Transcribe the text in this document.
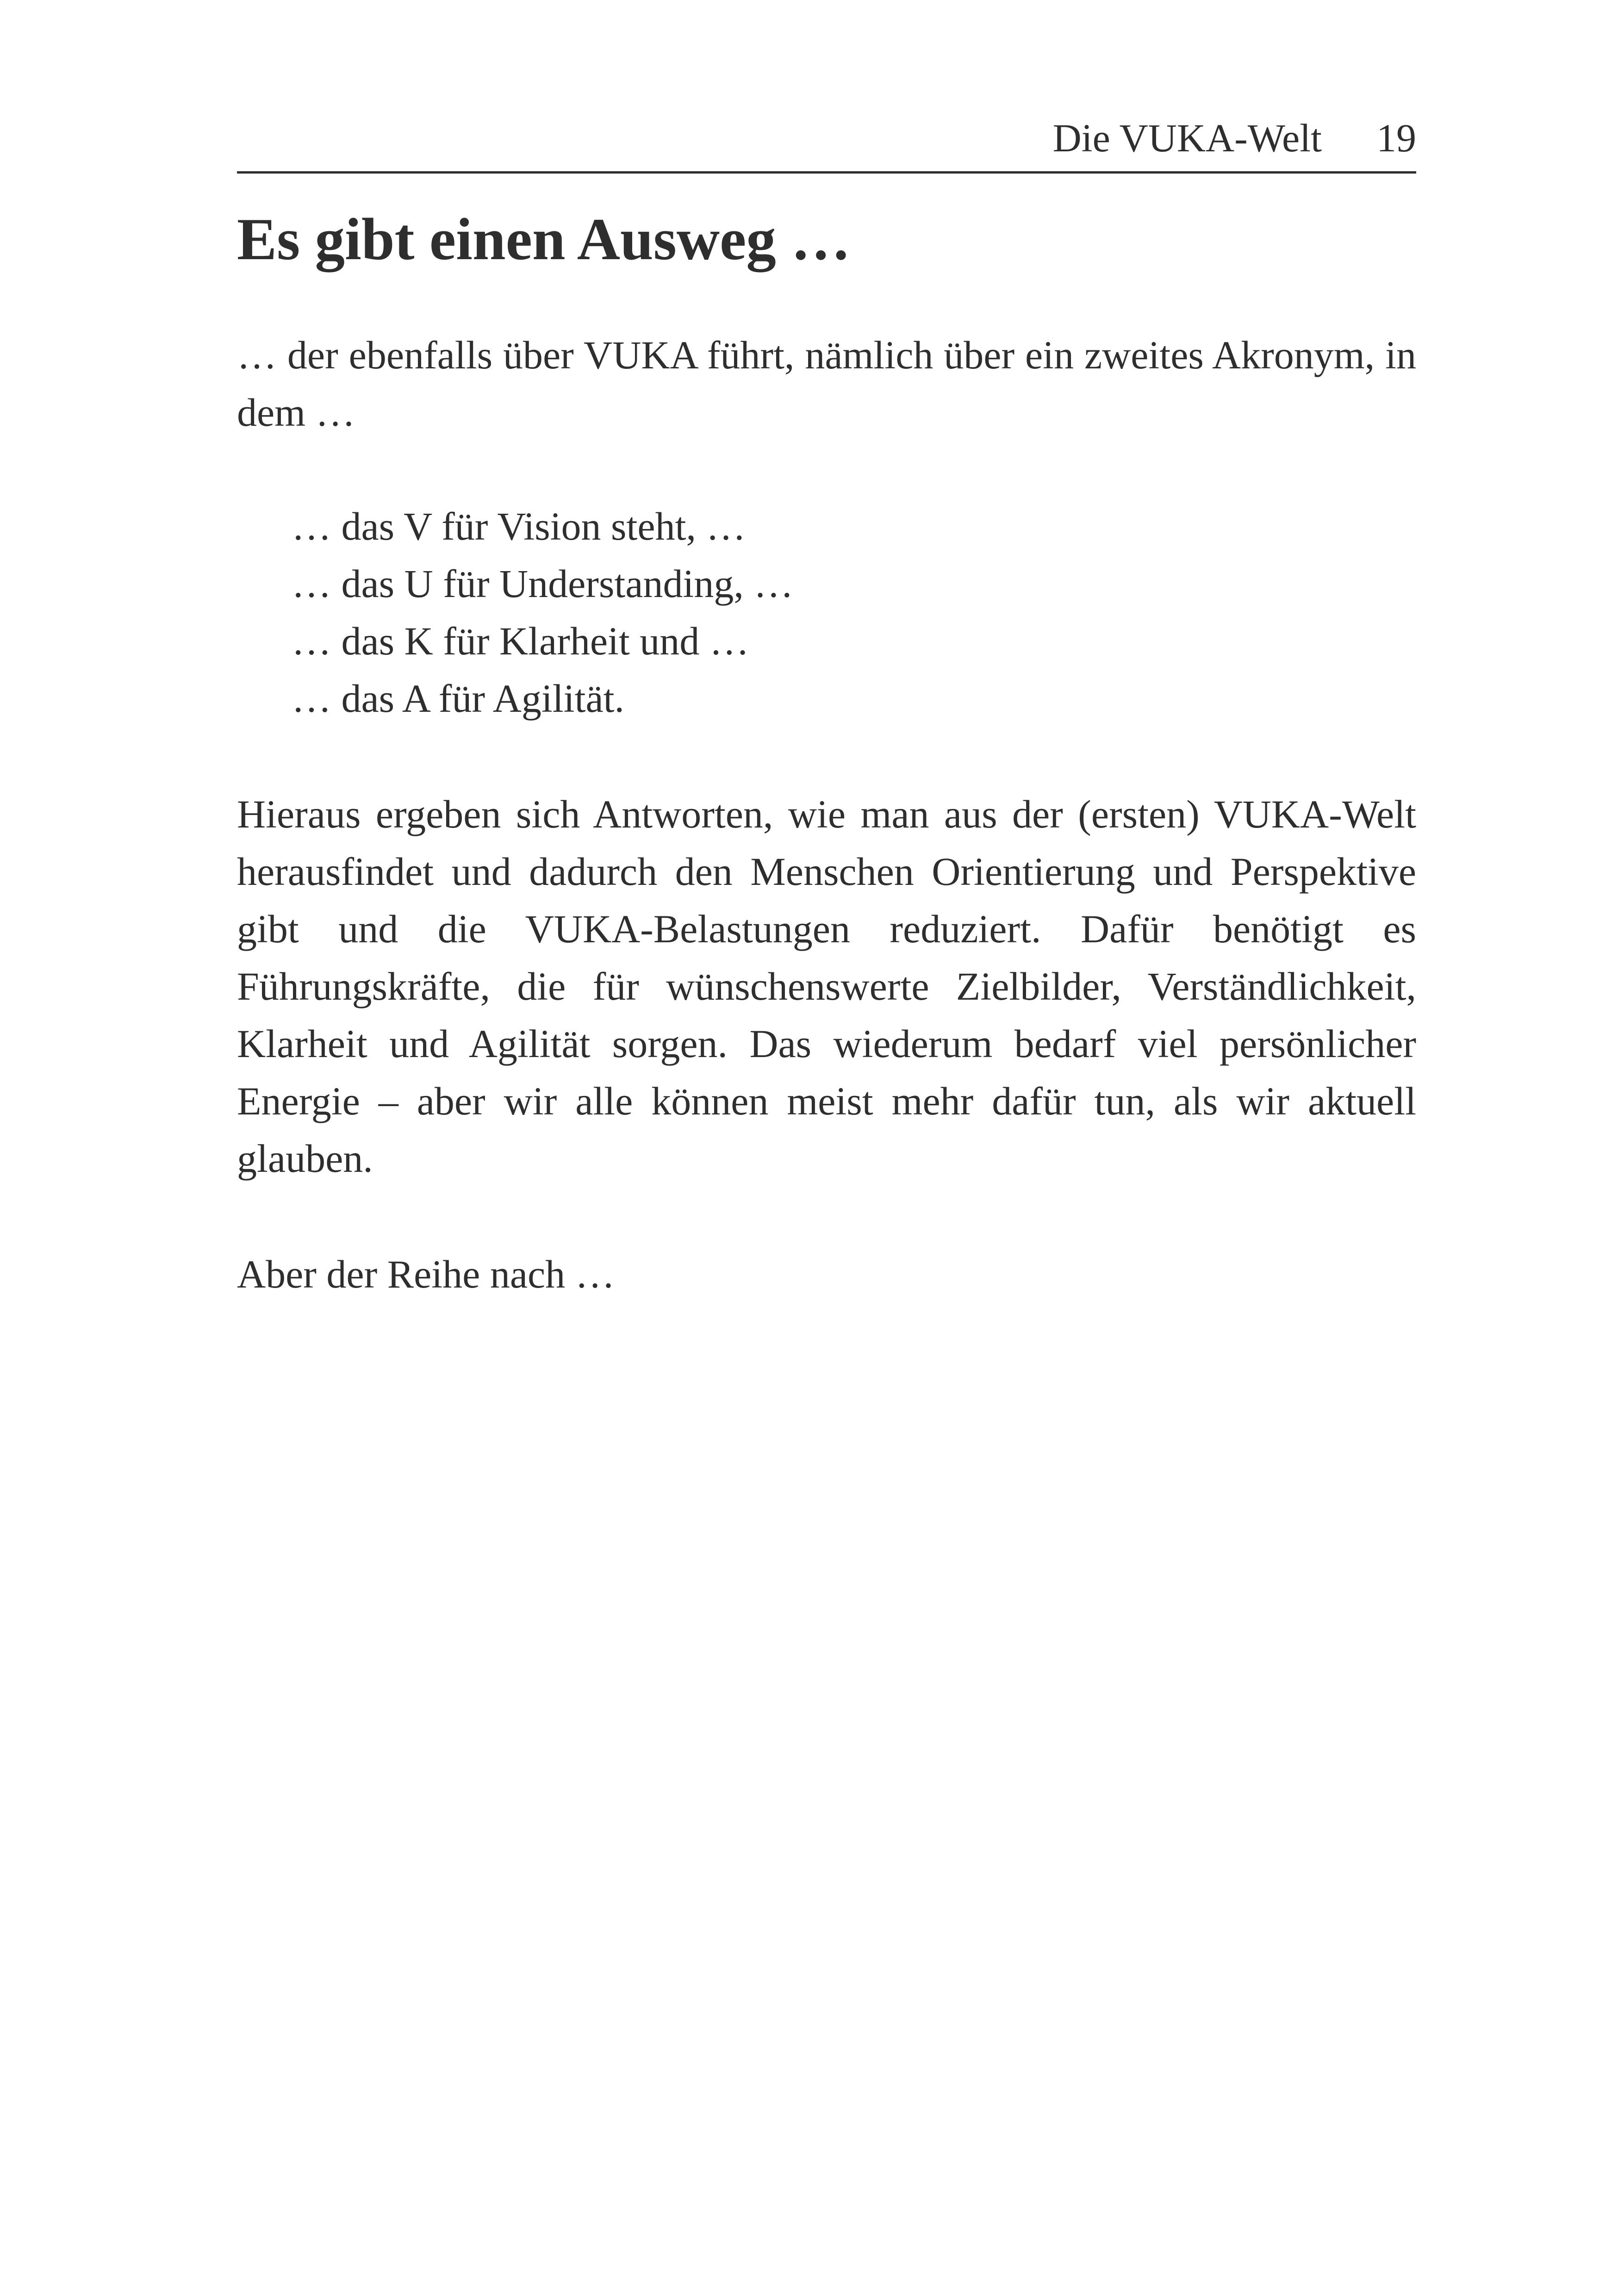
Die VUKA-Welt 19
Es gibt einen Ausweg …

… der ebenfalls über VUKA führt, nämlich über ein zweites Akronym, in dem …

… das V für Vision steht, …
… das U für Understanding, …
… das K für Klarheit und …
… das A für Agilität.

Hieraus ergeben sich Antworten, wie man aus der (ersten) VUKA-Welt herausfindet und dadurch den Menschen Orientierung und Perspektive gibt und die VUKA-Belastungen reduziert. Dafür benötigt es Führungskräfte, die für wünschenswerte Zielbilder, Verständlichkeit, Klarheit und Agilität sorgen. Das wiederum bedarf viel persönlicher Energie – aber wir alle können meist mehr dafür tun, als wir aktuell glauben.

Aber der Reihe nach …
